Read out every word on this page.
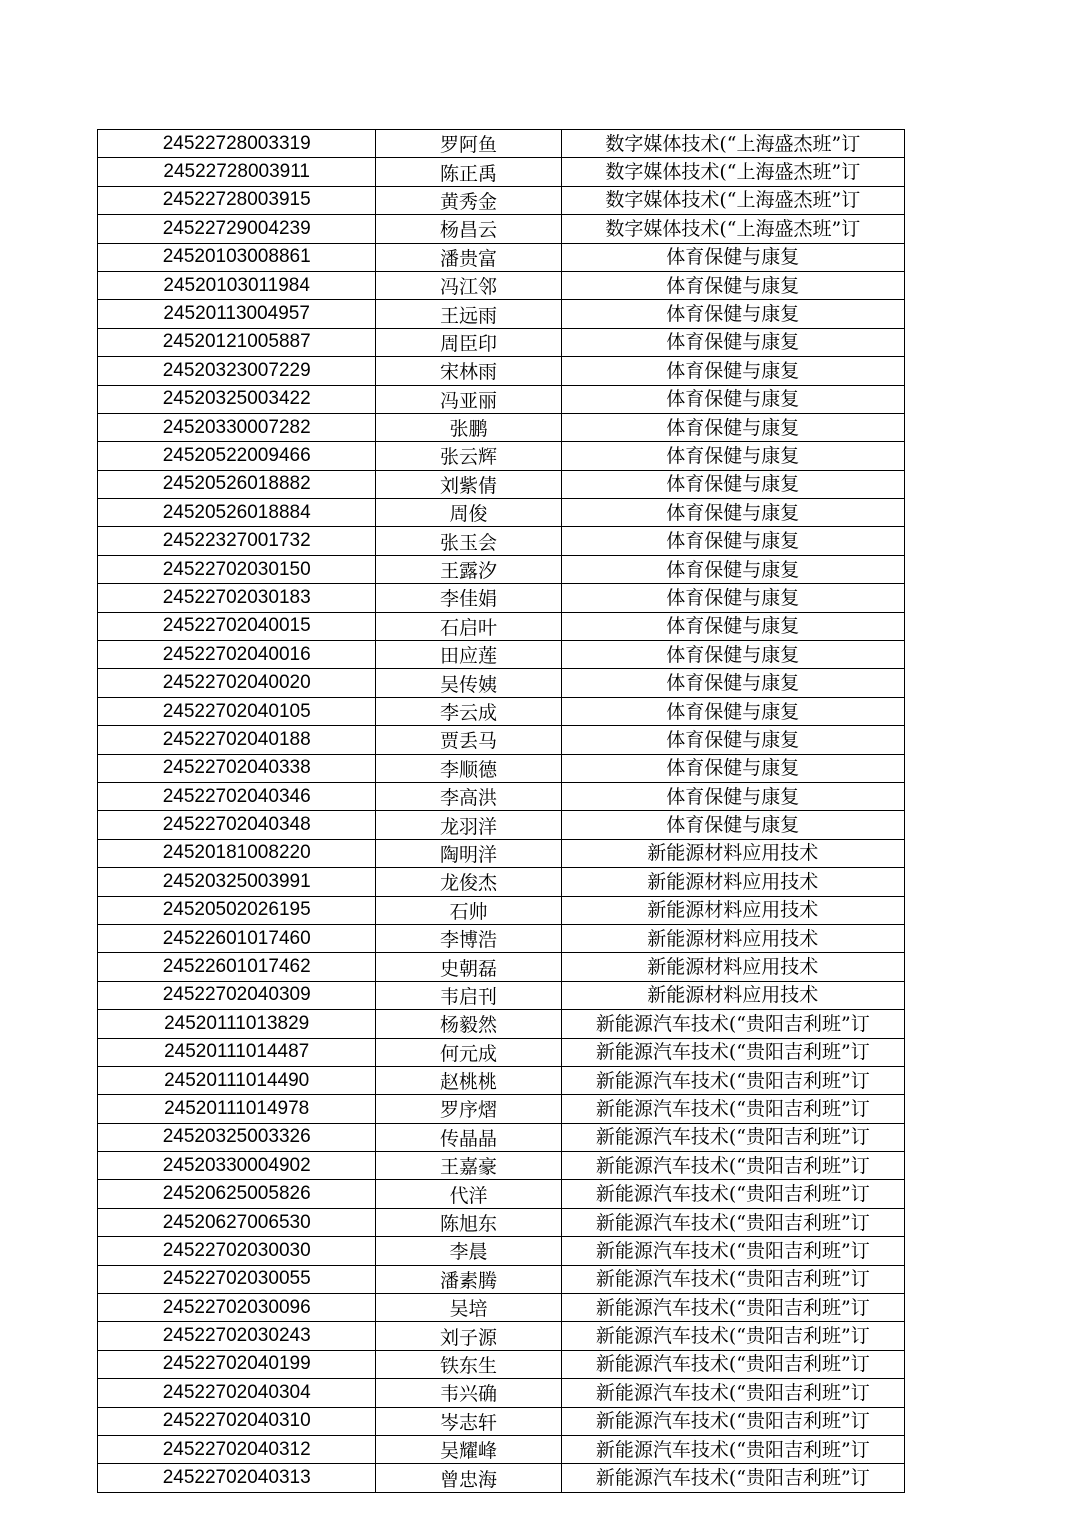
24522728003319	罗阿鱼	数字媒体技术(“上海盛杰班”订
24522728003911	陈正禹	数字媒体技术(“上海盛杰班”订
24522728003915	黄秀金	数字媒体技术(“上海盛杰班”订
24522729004239	杨昌云	数字媒体技术(“上海盛杰班”订
24520103008861	潘贵富	体育保健与康复
24520103011984	冯江邻	体育保健与康复
24520113004957	王远雨	体育保健与康复
24520121005887	周臣印	体育保健与康复
24520323007229	宋林雨	体育保健与康复
24520325003422	冯亚丽	体育保健与康复
24520330007282	张鹏	体育保健与康复
24520522009466	张云辉	体育保健与康复
24520526018882	刘紫倩	体育保健与康复
24520526018884	周俊	体育保健与康复
24522327001732	张玉会	体育保健与康复
24522702030150	王露汐	体育保健与康复
24522702030183	李佳娟	体育保健与康复
24522702040015	石启叶	体育保健与康复
24522702040016	田应莲	体育保健与康复
24522702040020	吴传姨	体育保健与康复
24522702040105	李云成	体育保健与康复
24522702040188	贾丢马	体育保健与康复
24522702040338	李顺德	体育保健与康复
24522702040346	李高洪	体育保健与康复
24522702040348	龙羽洋	体育保健与康复
24520181008220	陶明洋	新能源材料应用技术
24520325003991	龙俊杰	新能源材料应用技术
24520502026195	石帅	新能源材料应用技术
24522601017460	李博浩	新能源材料应用技术
24522601017462	史朝磊	新能源材料应用技术
24522702040309	韦启刊	新能源材料应用技术
24520111013829	杨毅然	新能源汽车技术(“贵阳吉利班”订
24520111014487	何元成	新能源汽车技术(“贵阳吉利班”订
24520111014490	赵桃桃	新能源汽车技术(“贵阳吉利班”订
24520111014978	罗序熠	新能源汽车技术(“贵阳吉利班”订
24520325003326	传晶晶	新能源汽车技术(“贵阳吉利班”订
24520330004902	王嘉豪	新能源汽车技术(“贵阳吉利班”订
24520625005826	代洋	新能源汽车技术(“贵阳吉利班”订
24520627006530	陈旭东	新能源汽车技术(“贵阳吉利班”订
24522702030030	李晨	新能源汽车技术(“贵阳吉利班”订
24522702030055	潘素腾	新能源汽车技术(“贵阳吉利班”订
24522702030096	吴培	新能源汽车技术(“贵阳吉利班”订
24522702030243	刘子源	新能源汽车技术(“贵阳吉利班”订
24522702040199	铁东生	新能源汽车技术(“贵阳吉利班”订
24522702040304	韦兴确	新能源汽车技术(“贵阳吉利班”订
24522702040310	岑志轩	新能源汽车技术(“贵阳吉利班”订
24522702040312	吴耀峰	新能源汽车技术(“贵阳吉利班”订
24522702040313	曾忠海	新能源汽车技术(“贵阳吉利班”订
